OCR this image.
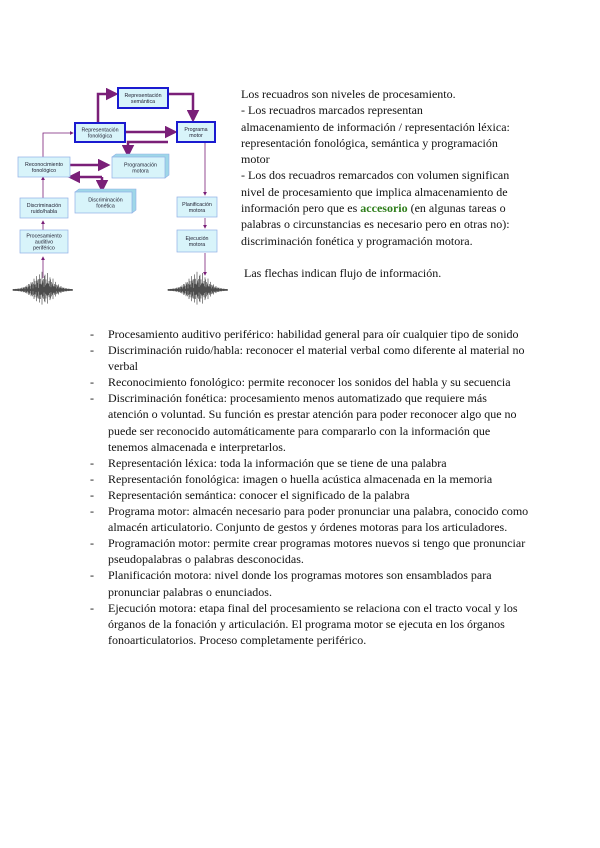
Representación
semántica
Representación
fonológica
Programa
motor
Reconocimiento
fonológico
Programación
motora
Discriminación
fonética
Discriminación
ruido/habla
Procesamiento
auditivo
periférico
Planificación
motora
Ejecución
motora

Los recuadros son niveles de procesamiento.

- Los recuadros marcados representan

almacenamiento de información / representación léxica: representación fonológica, semántica y programación motor

- Los dos recuadros remarcados con volumen significan nivel de procesamiento que implica almacenamiento de información pero que es accesorio (en algunas tareas o palabras o circunstancias es necesario pero en otras no): discriminación fonética y programación motora.

Las flechas indican flujo de información.

- Procesamiento auditivo periférico: habilidad general para oír cualquier tipo de sonido
- Discriminación ruido/habla: reconocer el material verbal como diferente al material no verbal
- Reconocimiento fonológico: permite reconocer los sonidos del habla y su secuencia
- Discriminación fonética: procesamiento menos automatizado que requiere más atención o voluntad. Su función es prestar atención para poder reconocer algo que no puede ser reconocido automáticamente para compararlo con la información que tenemos almacenada e interpretarlos.
- Representación léxica: toda la información que se tiene de una palabra
- Representación fonológica: imagen o huella acústica almacenada en la memoria
- Representación semántica: conocer el significado de la palabra
- Programa motor: almacén necesario para poder pronunciar una palabra, conocido como almacén articulatorio. Conjunto de gestos y órdenes motoras para los articuladores.
- Programación motor: permite crear programas motores nuevos si tengo que pronunciar pseudopalabras o palabras desconocidas.
- Planificación motora: nivel donde los programas motores son ensamblados para pronunciar palabras o enunciados.
- Ejecución motora: etapa final del procesamiento se relaciona con el tracto vocal y los órganos de la fonación y articulación. El programa motor se ejecuta en los órganos fonoarticulatorios. Proceso completamente periférico.
